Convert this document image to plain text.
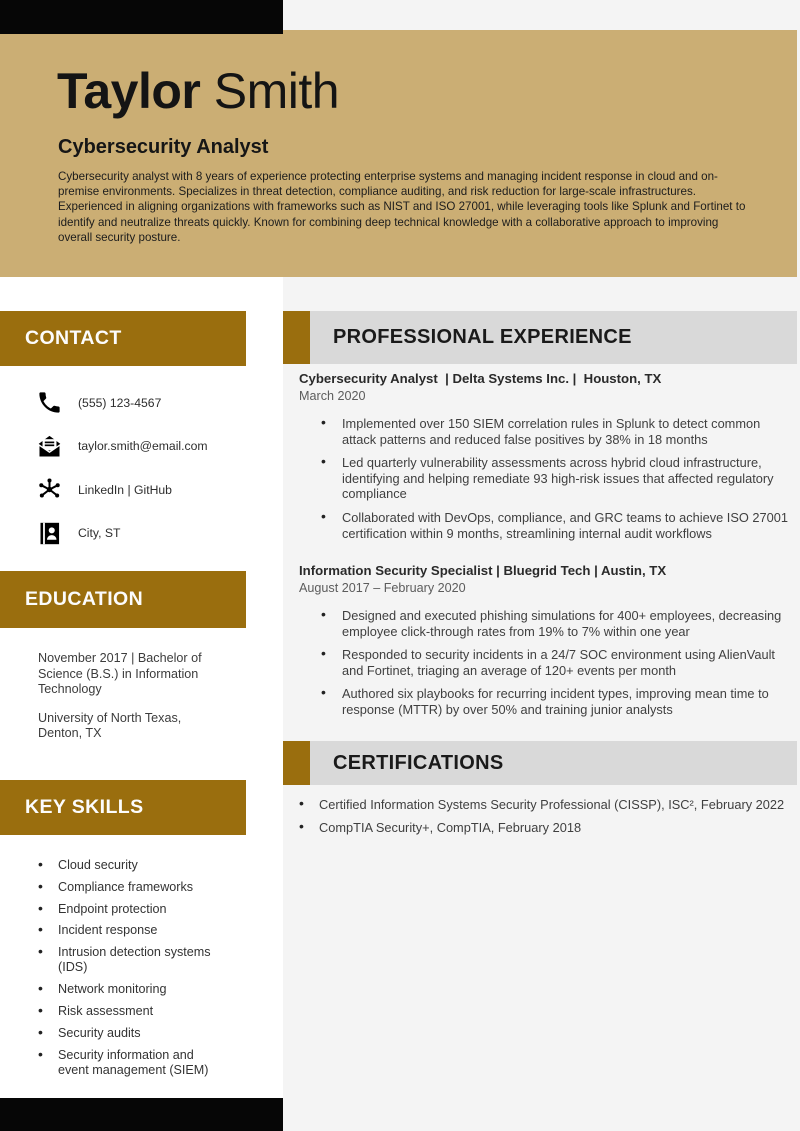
Taylor Smith
Cybersecurity Analyst
Cybersecurity analyst with 8 years of experience protecting enterprise systems and managing incident response in cloud and on-premise environments. Specializes in threat detection, compliance auditing, and risk reduction for large-scale infrastructures. Experienced in aligning organizations with frameworks such as NIST and ISO 27001, while leveraging tools like Splunk and Fortinet to identify and neutralize threats quickly. Known for combining deep technical knowledge with a collaborative approach to improving overall security posture.
CONTACT
(555) 123-4567
taylor.smith@email.com
LinkedIn | GitHub
City, ST
EDUCATION
November 2017 | Bachelor of Science (B.S.) in Information Technology
University of North Texas, Denton, TX
KEY SKILLS
• Cloud security
• Compliance frameworks
• Endpoint protection
• Incident response
• Intrusion detection systems (IDS)
• Network monitoring
• Risk assessment
• Security audits
• Security information and event management (SIEM)
PROFESSIONAL EXPERIENCE
Cybersecurity Analyst  | Delta Systems Inc. |  Houston, TX
March 2020
• Implemented over 150 SIEM correlation rules in Splunk to detect common attack patterns and reduced false positives by 38% in 18 months
• Led quarterly vulnerability assessments across hybrid cloud infrastructure, identifying and helping remediate 93 high-risk issues that affected regulatory compliance
• Collaborated with DevOps, compliance, and GRC teams to achieve ISO 27001 certification within 9 months, streamlining internal audit workflows
Information Security Specialist | Bluegrid Tech | Austin, TX
August 2017 – February 2020
• Designed and executed phishing simulations for 400+ employees, decreasing employee click-through rates from 19% to 7% within one year
• Responded to security incidents in a 24/7 SOC environment using AlienVault and Fortinet, triaging an average of 120+ events per month
• Authored six playbooks for recurring incident types, improving mean time to response (MTTR) by over 50% and training junior analysts
CERTIFICATIONS
• Certified Information Systems Security Professional (CISSP), ISC², February 2022
• CompTIA Security+, CompTIA, February 2018
